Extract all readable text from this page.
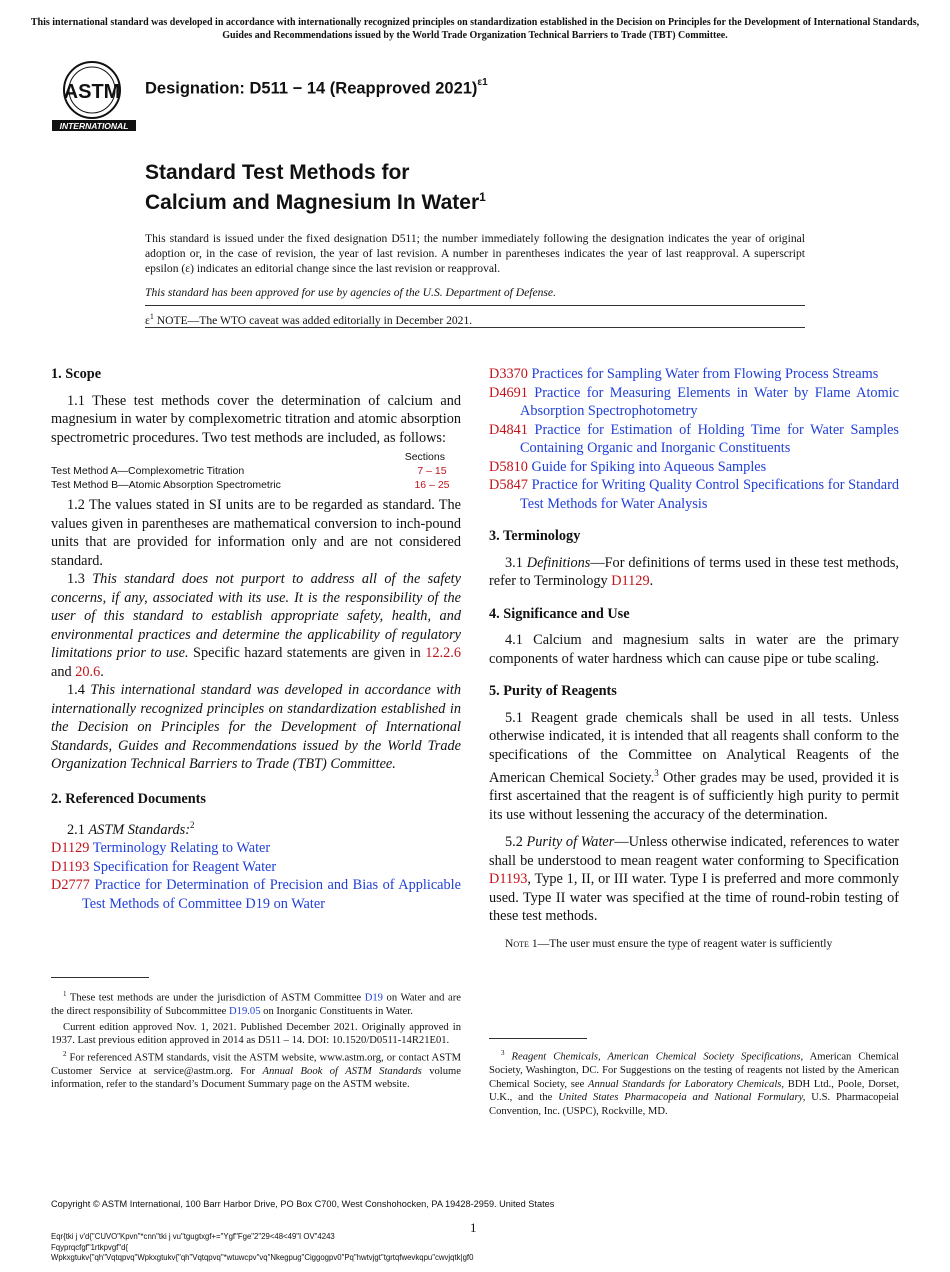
This international standard was developed in accordance with internationally recognized principles on standardization established in the Decision on Principles for the Development of International Standards, Guides and Recommendations issued by the World Trade Organization Technical Barriers to Trade (TBT) Committee.
ASTM
INTERNATIONAL
Designation: D511 − 14 (Reapproved 2021)$^{\varepsilon 1}$
Standard Test Methods for
Calcium and Magnesium In Water$^1$
This standard is issued under the fixed designation D511; the number immediately following the designation indicates the year of original adoption or, in the case of revision, the year of last revision. A number in parentheses indicates the year of last reapproval. A superscript epsilon (ε) indicates an editorial change since the last revision or reapproval.
This standard has been approved for use by agencies of the U.S. Department of Defense.
$\varepsilon^1$ NOTE—The WTO caveat was added editorially in December 2021.
1. Scope

1.1 These test methods cover the determination of calcium and magnesium in water by complexometric titration and atomic absorption spectrometric procedures. Two test methods are included, as follows:

Sections
Test Method A—Complexometric Titration	7 – 15
Test Method B—Atomic Absorption Spectrometric	16 – 25

1.2 The values stated in SI units are to be regarded as standard. The values given in parentheses are mathematical conversion to inch-pound units that are provided for information only and are not considered standard.

1.3 This standard does not purport to address all of the safety concerns, if any, associated with its use. It is the responsibility of the user of this standard to establish appropriate safety, health, and environmental practices and determine the applicability of regulatory limitations prior to use. Specific hazard statements are given in 12.2.6 and 20.6.

1.4 This international standard was developed in accordance with internationally recognized principles on standardization established in the Decision on Principles for the Development of International Standards, Guides and Recommendations issued by the World Trade Organization Technical Barriers to Trade (TBT) Committee.

2. Referenced Documents

2.1 ASTM Standards:$^2$

D1129 Terminology Relating to Water

D1193 Specification for Reagent Water

D2777 Practice for Determination of Precision and Bias of Applicable Test Methods of Committee D19 on Water

$^1$ These test methods are under the jurisdiction of ASTM Committee D19 on Water and are the direct responsibility of Subcommittee D19.05 on Inorganic Constituents in Water.

Current edition approved Nov. 1, 2021. Published December 2021. Originally approved in 1937. Last previous edition approved in 2014 as D511 – 14. DOI: 10.1520/D0511-14R21E01.

$^2$ For referenced ASTM standards, visit the ASTM website, www.astm.org, or contact ASTM Customer Service at service@astm.org. For Annual Book of ASTM Standards volume information, refer to the standard’s Document Summary page on the ASTM website.

D3370 Practices for Sampling Water from Flowing Process Streams

D4691 Practice for Measuring Elements in Water by Flame Atomic Absorption Spectrophotometry

D4841 Practice for Estimation of Holding Time for Water Samples Containing Organic and Inorganic Constituents

D5810 Guide for Spiking into Aqueous Samples

D5847 Practice for Writing Quality Control Specifications for Standard Test Methods for Water Analysis

3. Terminology

3.1 Definitions—For definitions of terms used in these test methods, refer to Terminology D1129.

4. Significance and Use

4.1 Calcium and magnesium salts in water are the primary components of water hardness which can cause pipe or tube scaling.

5. Purity of Reagents

5.1 Reagent grade chemicals shall be used in all tests. Unless otherwise indicated, it is intended that all reagents shall conform to the specifications of the Committee on Analytical Reagents of the American Chemical Society.$^3$ Other grades may be used, provided it is first ascertained that the reagent is of sufficiently high purity to permit its use without lessening the accuracy of the determination.

5.2 Purity of Water—Unless otherwise indicated, references to water shall be understood to mean reagent water conforming to Specification D1193, Type 1, II, or III water. Type I is preferred and more commonly used. Type II water was specified at the time of round-robin testing of these test methods.

Note 1—The user must ensure the type of reagent water is sufficiently

$^3$ Reagent Chemicals, American Chemical Society Specifications, American Chemical Society, Washington, DC. For Suggestions on the testing of reagents not listed by the American Chemical Society, see Annual Standards for Laboratory Chemicals, BDH Ltd., Poole, Dorset, U.K., and the United States Pharmacopeia and National Formulary, U.S. Pharmacopeial Convention, Inc. (USPC), Rockville, MD.

Copyright © ASTM International, 100 Barr Harbor Drive, PO Box C700, West Conshohocken, PA 19428-2959. United States
1
Eqr{tki j v'd{"CUVO"Kpvn"*cnn"tki j vu"tgugtxgf+="Ygf"Fge"2"29<48<49"I OV"4243
Fqyprqcfgf"1rtkpvgf"d{
Wpkxgtukv{"qh"Vqtqpvq"Wpkxgtukv{"qh"Vqtqpvq"*wtuwcpv"vq"Nkegpug"Ciggogpv0"Pq"hwtvjgt"tgrtqfwevkqpu"cwvjqtk|gf0
